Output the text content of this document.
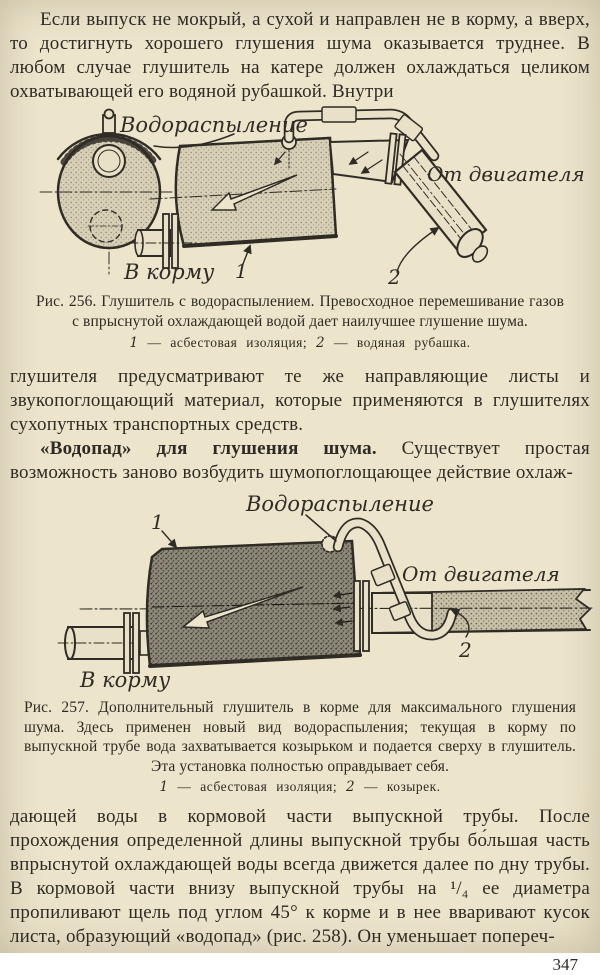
Если выпуск не мокрый, а сухой и направлен не в корму, а вверх, то достигнуть хорошего глушения шума оказывается труднее. В любом случае глушитель на катере должен охлаждаться целиком охватывающей его водяной рубашкой. Внутри

Водораспыление
От двигателя
В корму 1	2

Рис. 256. Глушитель с водораспылением. Превосходное перемешивание газов с впрыснутой охлаждающей водой дает наилучшее глушение шума.

1 — асбестовая изоляция; 2 — водяная рубашка.

глушителя предусматривают те же направляющие листы и звукопоглощающий материал, которые применяются в глушителях сухопутных транспортных средств.

«Водопад» для глушения шума. Существует простая возможность заново возбудить шумопоглощающее действие охлаж-

Водораспыление
От двигателя
В корму
1
2

Рис. 257. Дополнительный глушитель в корме для максимального глушения шума. Здесь применен новый вид водораспыления; текущая в корму по выпускной трубе вода захватывается козырьком и подается сверху в глушитель. Эта установка полностью оправдывает себя.

1 — асбестовая изоляция; 2 — козырек.

дающей воды в кормовой части выпускной трубы. После прохождения определенной длины выпускной трубы бо́льшая часть впрыснутой охлаждающей воды всегда движется далее по дну трубы. В кормовой части внизу выпускной трубы на ¹/₄ ее диаметра пропиливают щель под углом 45° к корме и в нее вваривают кусок листа, образующий «водопад» (рис. 258). Он уменьшает попереч-

347
